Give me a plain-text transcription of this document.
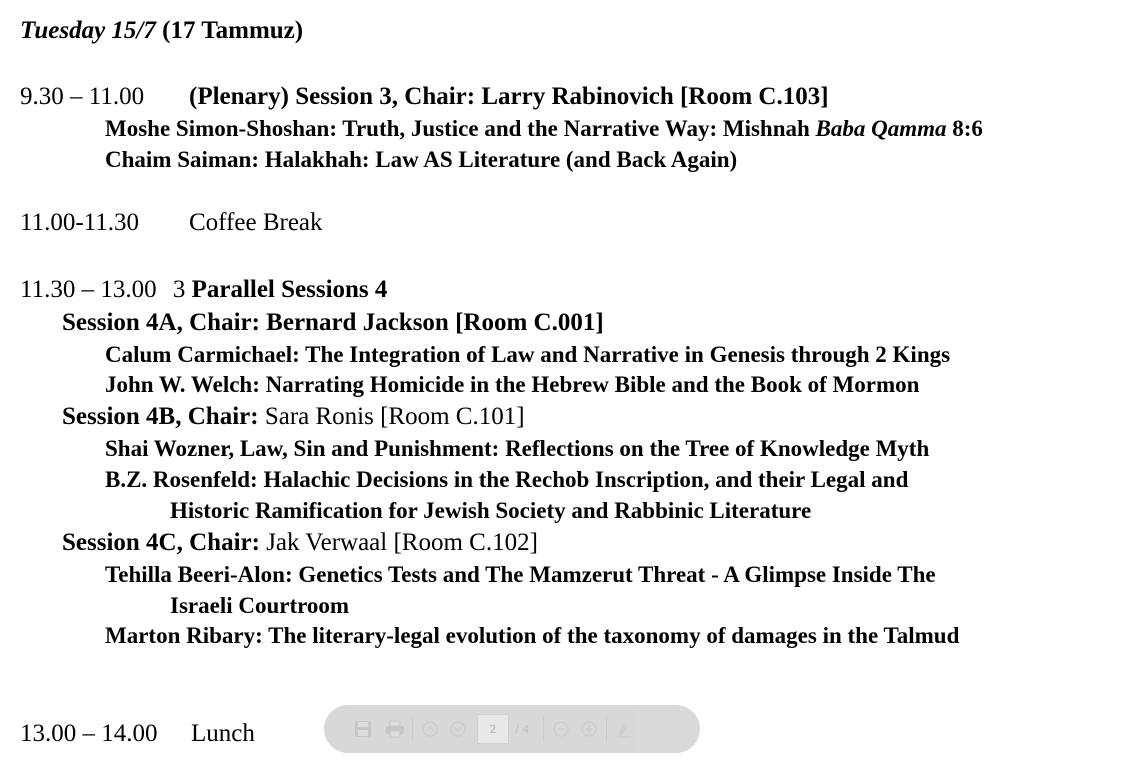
Tuesday 15/7 (17 Tammuz)
9.30 – 11.00 (Plenary) Session 3, Chair: Larry Rabinovich [Room C.103]
Moshe Simon-Shoshan: Truth, Justice and the Narrative Way: Mishnah Baba Qamma 8:6
Chaim Saiman: Halakhah: Law AS Literature (and Back Again)
11.00-11.30 Coffee Break
11.30 – 13.00 3 Parallel Sessions 4
Session 4A, Chair: Bernard Jackson [Room C.001]
Calum Carmichael: The Integration of Law and Narrative in Genesis through 2 Kings
John W. Welch: Narrating Homicide in the Hebrew Bible and the Book of Mormon
Session 4B, Chair: Sara Ronis [Room C.101]
Shai Wozner, Law, Sin and Punishment: Reflections on the Tree of Knowledge Myth
B.Z. Rosenfeld: Halachic Decisions in the Rechob Inscription, and their Legal and
Historic Ramification for Jewish Society and Rabbinic Literature
Session 4C, Chair: Jak Verwaal [Room C.102]
Tehilla Beeri-Alon: Genetics Tests and The Mamzerut Threat - A Glimpse Inside The
Israeli Courtroom
Marton Ribary: The literary-legal evolution of the taxonomy of damages in the Talmud
13.00 – 14.00 Lunch	2	/ 4
